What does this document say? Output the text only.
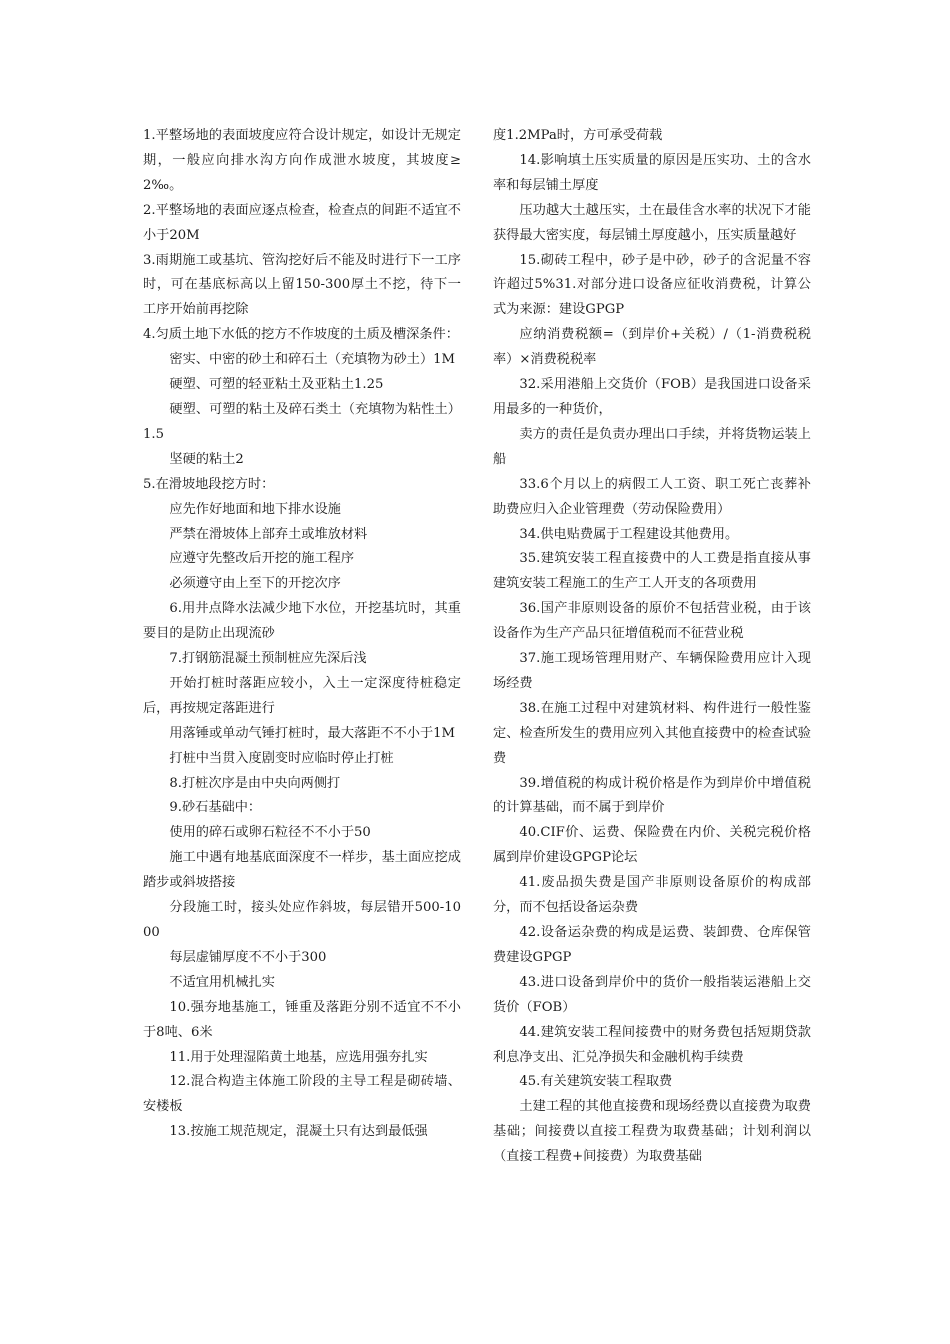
1.平整场地的表面坡度应符合设计规定，如设计无规定期，一般应向排水沟方向作成泄水坡度，其坡度≥2‰。

2.平整场地的表面应逐点检查，检查点的间距不适宜不小于20M

3.雨期施工或基坑、管沟挖好后不能及时进行下一工序时，可在基底标高以上留150-300厚土不挖，待下一工序开始前再挖除

4.匀质土地下水低的挖方不作坡度的土质及槽深条件：

密实、中密的砂土和碎石土（充填物为砂土）1M

硬塑、可塑的轻亚粘土及亚粘土1.25

硬塑、可塑的粘土及碎石类土（充填物为粘性土）1.5

坚硬的粘土2

5.在滑坡地段挖方时：

应先作好地面和地下排水设施

严禁在滑坡体上部弃土或堆放材料

应遵守先整改后开挖的施工程序

必须遵守由上至下的开挖次序

6.用井点降水法减少地下水位，开挖基坑时，其重要目的是防止出现流砂

7.打钢筋混凝土预制桩应先深后浅

开始打桩时落距应较小，入土一定深度待桩稳定后，再按规定落距进行

用落锤或单动气锤打桩时，最大落距不不小于1M

打桩中当贯入度剧变时应临时停止打桩

8.打桩次序是由中央向两侧打

9.砂石基础中：

使用的碎石或卵石粒径不不小于50

施工中遇有地基底面深度不一样步，基土面应挖成踏步或斜坡搭接

分段施工时，接头处应作斜坡，每层错开500-1000

每层虚铺厚度不不小于300

不适宜用机械扎实

10.强夯地基施工，锤重及落距分别不适宜不不小于8吨、6米

11.用于处理湿陷黄土地基，应选用强夯扎实

12.混合构造主体施工阶段的主导工程是砌砖墙、安楼板

13.按施工规范规定，混凝土只有达到最低强

度1.2MPa时，方可承受荷载

14.影响填土压实质量的原因是压实功、土的含水率和每层铺土厚度

压功越大土越压实，土在最佳含水率的状况下才能获得最大密实度，每层铺土厚度越小，压实质量越好

15.砌砖工程中，砂子是中砂，砂子的含泥量不容许超过5%31.对部分进口设备应征收消费税，计算公式为来源：建设GPGP

应纳消费税额=（到岸价+关税）/（1-消费税税率）×消费税税率

32.采用港船上交货价（FOB）是我国进口设备采用最多的一种货价，

卖方的责任是负责办理出口手续，并将货物运装上船

33.6个月以上的病假工人工资、职工死亡丧葬补助费应归入企业管理费（劳动保险费用）

34.供电贴费属于工程建设其他费用。

35.建筑安装工程直接费中的人工费是指直接从事建筑安装工程施工的生产工人开支的各项费用

36.国产非原则设备的原价不包括营业税，由于该设备作为生产产品只征增值税而不征营业税

37.施工现场管理用财产、车辆保险费用应计入现场经费

38.在施工过程中对建筑材料、构件进行一般性鉴定、检查所发生的费用应列入其他直接费中的检查试验费

39.增值税的构成计税价格是作为到岸价中增值税的计算基础，而不属于到岸价

40.CIF价、运费、保险费在内价、关税完税价格属到岸价建设GPGP论坛

41.废品损失费是国产非原则设备原价的构成部分，而不包括设备运杂费

42.设备运杂费的构成是运费、装卸费、仓库保管费建设GPGP

43.进口设备到岸价中的货价一般指装运港船上交货价（FOB）

44.建筑安装工程间接费中的财务费包括短期贷款利息净支出、汇兑净损失和金融机构手续费

45.有关建筑安装工程取费

土建工程的其他直接费和现场经费以直接费为取费基础；间接费以直接工程费为取费基础；计划利润以（直接工程费+间接费）为取费基础
